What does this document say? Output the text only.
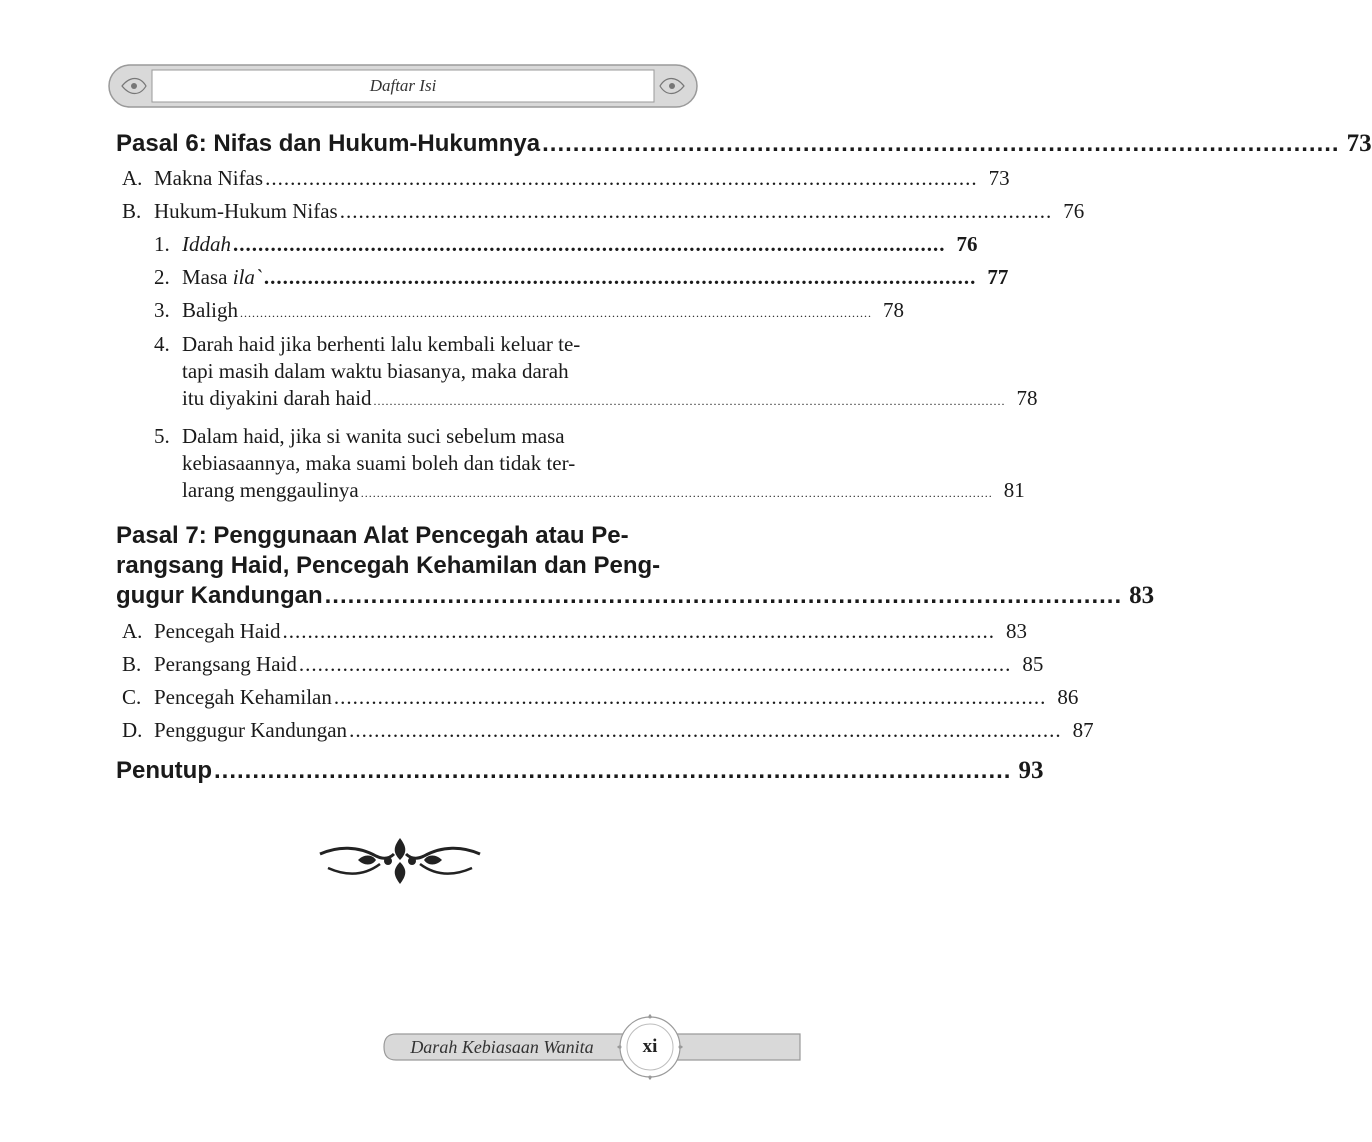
Daftar Isi
Pasal 6: Nifas dan Hukum-Hukumnya ........................................................................................................ 73
A. Makna Nifas .................................................................................................................. 73
B. Hukum-Hukum Nifas .................................................................................................................. 76
1. Iddah .................................................................................................................. 76
2. Masa ila` .................................................................................................................. 77
3. Baligh .............................................................................................................................................................. 78
4. Darah haid jika berhenti lalu kembali keluar te-
tapi masih dalam waktu biasanya, maka darah
itu diyakini darah haid .............................................................................................................................................................. 78
5. Dalam haid, jika si wanita suci sebelum masa
kebiasaannya, maka suami boleh dan tidak ter-
larang menggaulinya .............................................................................................................................................................. 81
Pasal 7: Penggunaan Alat Pencegah atau Pe-
rangsang Haid, Pencegah Kehamilan dan Peng-
gugur Kandungan ........................................................................................................ 83
A. Pencegah Haid .................................................................................................................. 83
B. Perangsang Haid .................................................................................................................. 85
C. Pencegah Kehamilan .................................................................................................................. 86
D. Penggugur Kandungan .................................................................................................................. 87
Penutup ........................................................................................................ 93
Darah Kebiasaan Wanita	xi
